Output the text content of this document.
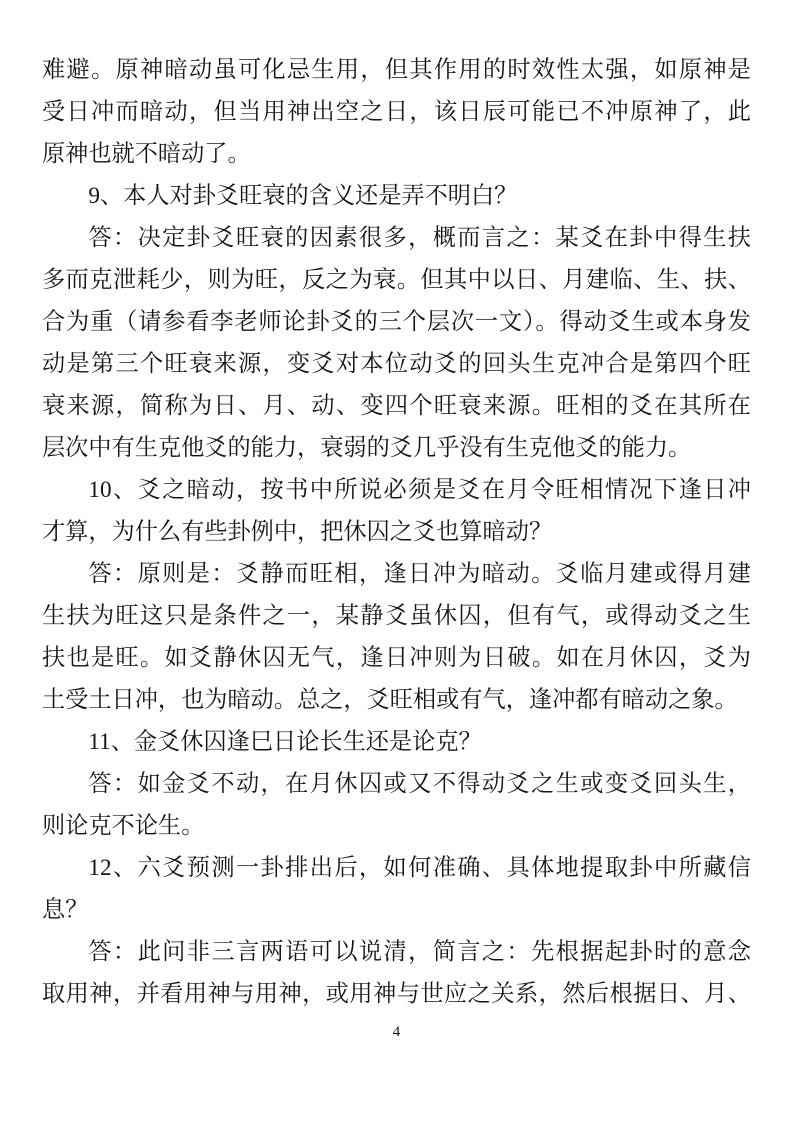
难避。原神暗动虽可化忌生用，但其作用的时效性太强，如原神是
受日冲而暗动，但当用神出空之日，该日辰可能已不冲原神了，此
原神也就不暗动了。
9、本人对卦爻旺衰的含义还是弄不明白？
答：决定卦爻旺衰的因素很多，概而言之：某爻在卦中得生扶
多而克泄耗少，则为旺，反之为衰。但其中以日、月建临、生、扶、
合为重（请参看李老师论卦爻的三个层次一文）。得动爻生或本身发
动是第三个旺衰来源，变爻对本位动爻的回头生克冲合是第四个旺
衰来源，简称为日、月、动、变四个旺衰来源。旺相的爻在其所在
层次中有生克他爻的能力，衰弱的爻几乎没有生克他爻的能力。
10、爻之暗动，按书中所说必须是爻在月令旺相情况下逢日冲
才算，为什么有些卦例中，把休囚之爻也算暗动？
答：原则是：爻静而旺相，逢日冲为暗动。爻临月建或得月建
生扶为旺这只是条件之一，某静爻虽休囚，但有气，或得动爻之生
扶也是旺。如爻静休囚无气，逢日冲则为日破。如在月休囚，爻为
土受土日冲，也为暗动。总之，爻旺相或有气，逢冲都有暗动之象。
11、金爻休囚逢巳日论长生还是论克？
答：如金爻不动，在月休囚或又不得动爻之生或变爻回头生，
则论克不论生。
12、六爻预测一卦排出后，如何准确、具体地提取卦中所藏信
息？
答：此问非三言两语可以说清，简言之：先根据起卦时的意念
取用神，并看用神与用神，或用神与世应之关系，然后根据日、月、
4
